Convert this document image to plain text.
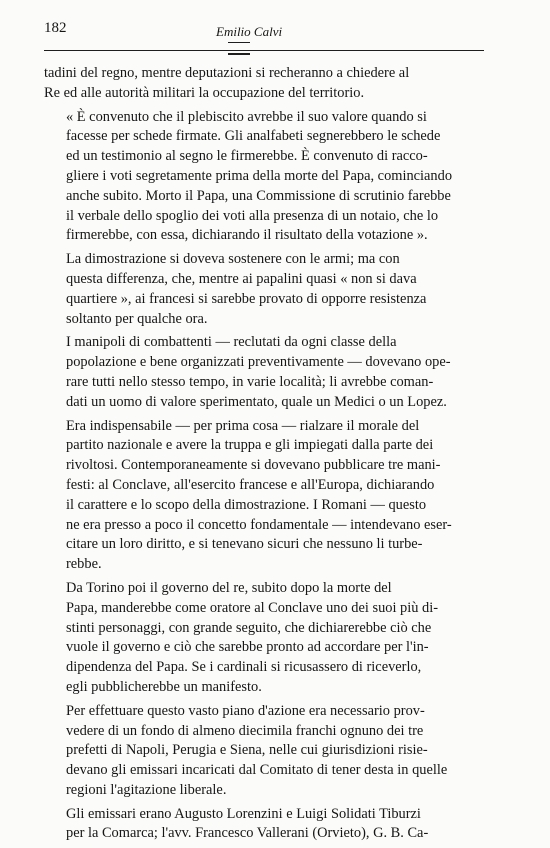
182	Emilio Calvi

tadini del regno, mentre deputazioni si recheranno a chiedere al
Re ed alle autorità militari la occupazione del territorio.

« È convenuto che il plebiscito avrebbe il suo valore quando si
facesse per schede firmate. Gli analfabeti segnerebbero le schede
ed un testimonio al segno le firmerebbe. È convenuto di racco-
gliere i voti segretamente prima della morte del Papa, cominciando
anche subito. Morto il Papa, una Commissione di scrutinio farebbe
il verbale dello spoglio dei voti alla presenza di un notaio, che lo
firmerebbe, con essa, dichiarando il risultato della votazione ».

La dimostrazione si doveva sostenere con le armi; ma con
questa differenza, che, mentre ai papalini quasi « non si dava
quartiere », ai francesi si sarebbe provato di opporre resistenza
soltanto per qualche ora.

I manipoli di combattenti — reclutati da ogni classe della
popolazione e bene organizzati preventivamente — dovevano ope-
rare tutti nello stesso tempo, in varie località; li avrebbe coman-
dati un uomo di valore sperimentato, quale un Medici o un Lopez.

Era indispensabile — per prima cosa — rialzare il morale del
partito nazionale e avere la truppa e gli impiegati dalla parte dei
rivoltosi. Contemporaneamente si dovevano pubblicare tre mani-
festi: al Conclave, all'esercito francese e all'Europa, dichiarando
il carattere e lo scopo della dimostrazione. I Romani — questo
ne era presso a poco il concetto fondamentale — intendevano eser-
citare un loro diritto, e si tenevano sicuri che nessuno li turbe-
rebbe.

Da Torino poi il governo del re, subito dopo la morte del
Papa, manderebbe come oratore al Conclave uno dei suoi più di-
stinti personaggi, con grande seguito, che dichiarerebbe ciò che
vuole il governo e ciò che sarebbe pronto ad accordare per l'in-
dipendenza del Papa. Se i cardinali si ricusassero di riceverlo,
egli pubblicherebbe un manifesto.

Per effettuare questo vasto piano d'azione era necessario prov-
vedere di un fondo di almeno diecimila franchi ognuno dei tre
prefetti di Napoli, Perugia e Siena, nelle cui giurisdizioni risie-
devano gli emissari incaricati dal Comitato di tener desta in quelle
regioni l'agitazione liberale.

Gli emissari erano Augusto Lorenzini e Luigi Solidati Tiburzi
per la Comarca; l'avv. Francesco Vallerani (Orvieto), G. B. Ca-
